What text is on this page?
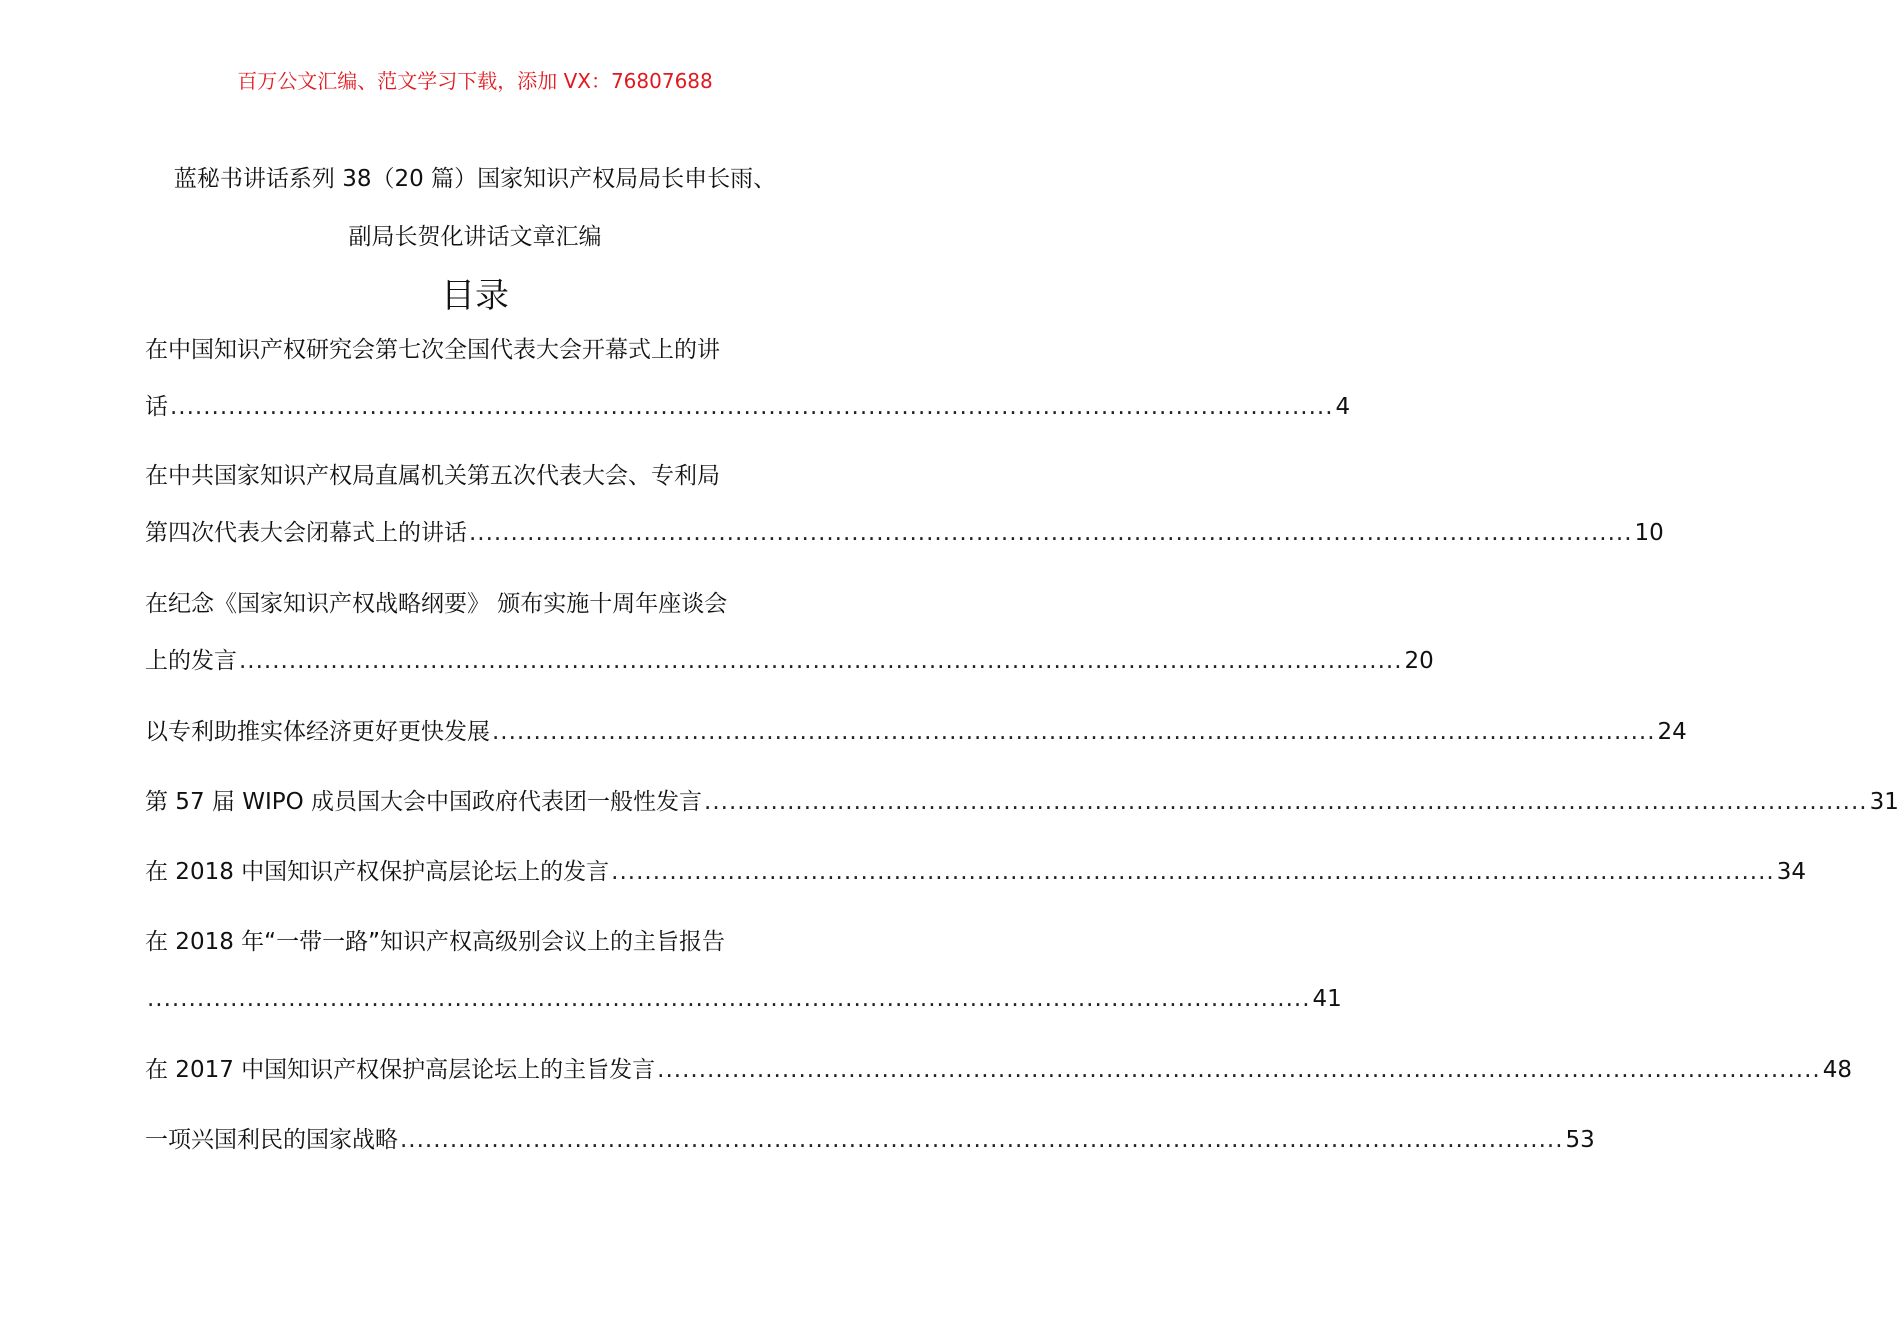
百万公文汇编、范文学习下载，添加 VX：76807688
蓝秘书讲话系列 38（20 篇）国家知识产权局局长申长雨、
副局长贺化讲话文章汇编
目录
在中国知识产权研究会第七次全国代表大会开幕式上的讲
话 ............................................................................................................................................ 4
在中共国家知识产权局直属机关第五次代表大会、专利局
第四次代表大会闭幕式上的讲话 ............................................................................................................................................ 10
在纪念《国家知识产权战略纲要》 颁布实施十周年座谈会
上的发言 ............................................................................................................................................ 20
以专利助推实体经济更好更快发展 ............................................................................................................................................ 24
第 57 届 WIPO 成员国大会中国政府代表团一般性发言 ............................................................................................................................................ 31
在 2018 中国知识产权保护高层论坛上的发言 ............................................................................................................................................ 34
在 2018 年“一带一路”知识产权高级别会议上的主旨报告
............................................................................................................................................ 41
在 2017 中国知识产权保护高层论坛上的主旨发言 ............................................................................................................................................ 48
一项兴国利民的国家战略 ............................................................................................................................................ 53
